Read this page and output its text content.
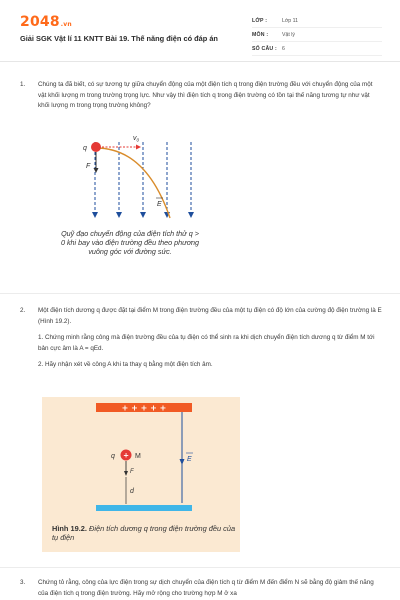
2048.vn
Giải SGK Vật lí 11 KNTT Bài 19. Thế năng điện có đáp án
LỚP :	Lớp 11
MÔN :	Vật lý
SỐ CÂU : 6
1. Chúng ta đã biết, có sự tương tự giữa chuyển động của một điện tích q trong điện trường đều với chuyển động của một vật khối lượng m trong trường trọng lực. Như vậy thì điện tích q trong điện trường có tồn tại thế năng tương tự như vật khối lượng m trong trọng trường không?
$v_0$
q
F
E
Quỹ đạo chuyển động của điện tích thử q > 0 khi bay vào điện trường đều theo phương vuông góc với đường sức.
2. Một điện tích dương q được đặt tại điểm M trong điện trường đều của một tụ điện có độ lớn của cường độ điện trường là E (Hình 19.2).
1. Chứng minh rằng công mà điện trường đều của tụ điện có thể sinh ra khi dịch chuyển điện tích dương q từ điểm M tới bản cực âm là A = qEd.
2. Hãy nhận xét về công A khi ta thay q bằng một điện tích âm.
+ + + + +
E
+
q	M
F
d
Hình 19.2. Điện tích dương q trong điện trường đều của tụ điện
3. Chứng tỏ rằng, công của lực điện trong sự dịch chuyển của điện tích q từ điểm M đến điểm N sẽ bằng độ giảm thế năng của điện tích q trong điện trường. Hãy mở rộng cho trường hợp M ở xa
